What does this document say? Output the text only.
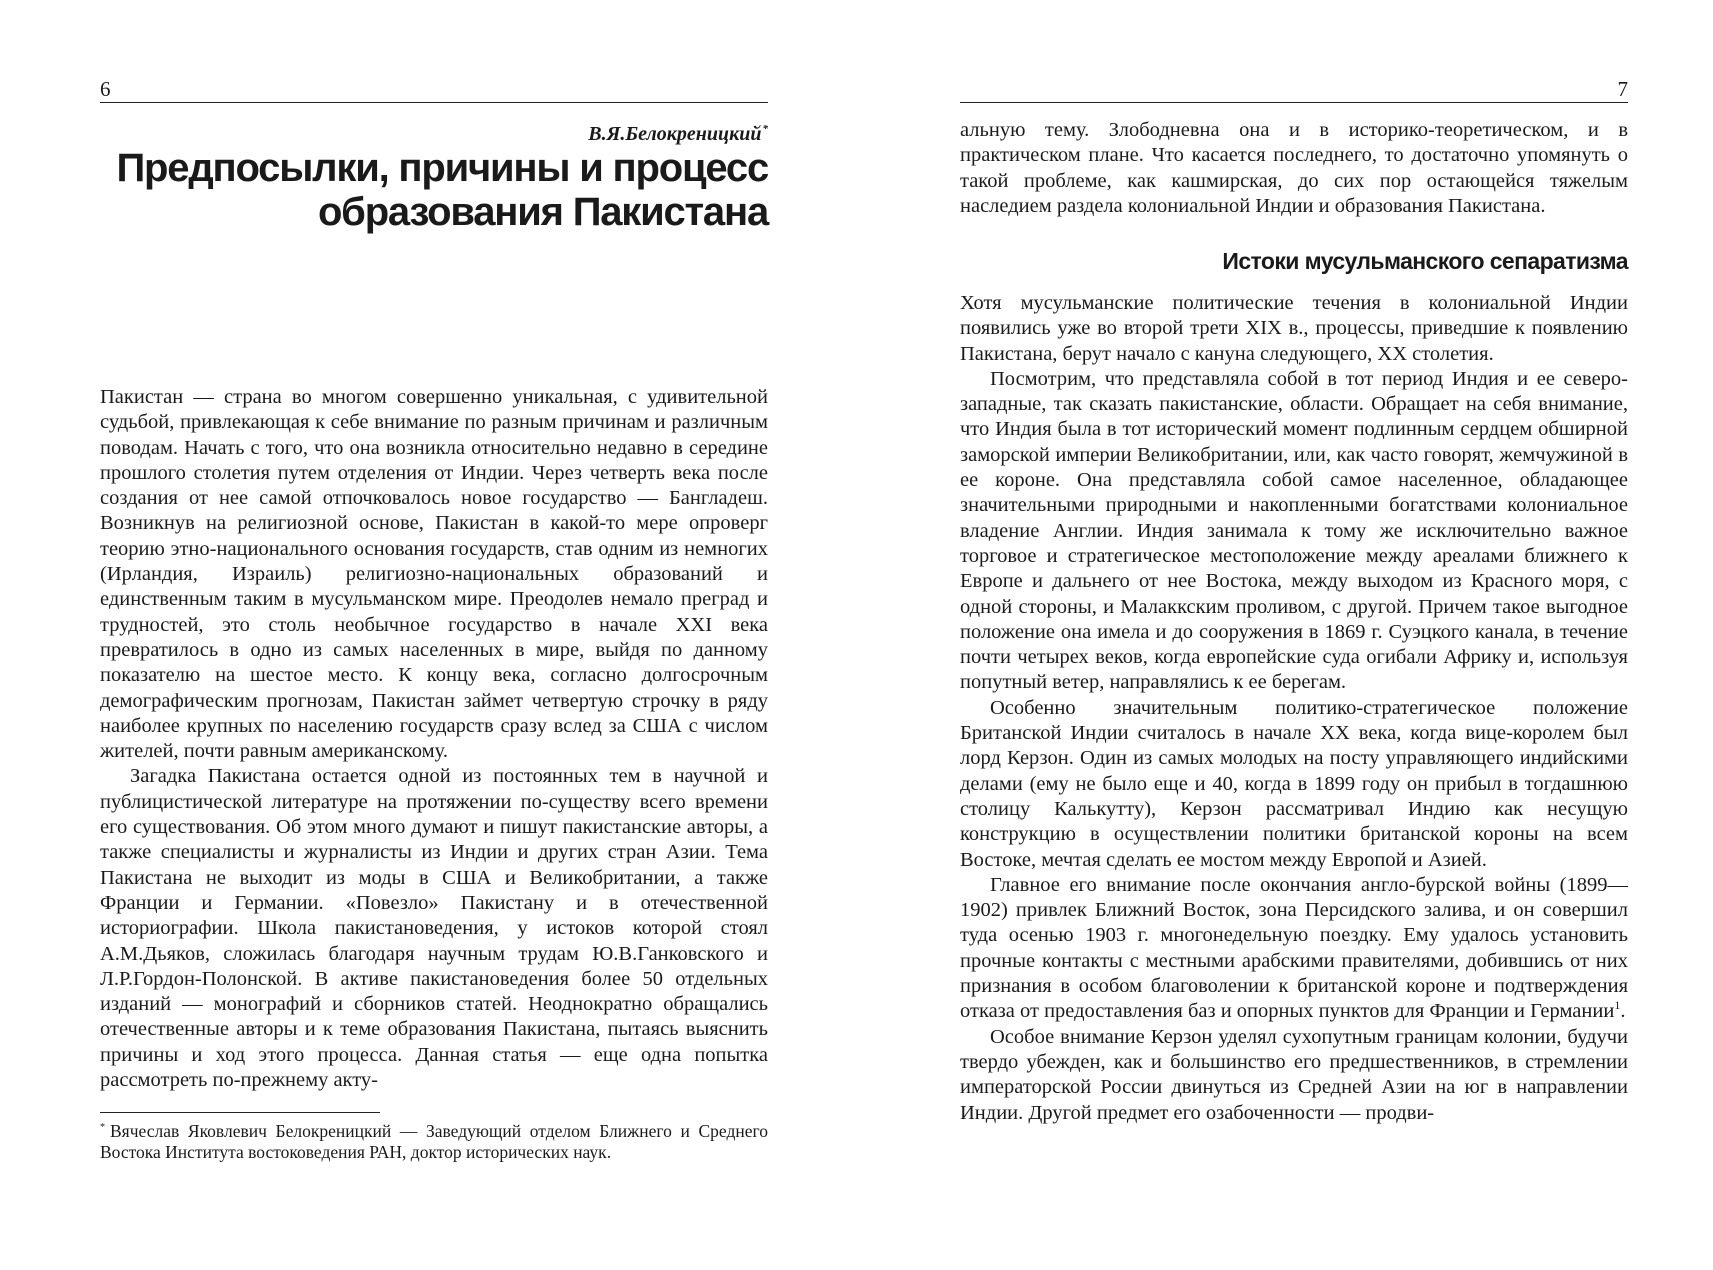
6
В.Я.Белокреницкий*
Предпосылки, причины и процесс
образования Пакистана

Пакистан — страна во многом совершенно уникальная, с удивительной судьбой, привлекающая к себе внимание по разным причинам и различным поводам. Начать с того, что она возникла относительно недавно в середине прошлого столетия путем отделения от Индии. Через четверть века после создания от нее самой отпочковалось новое государство — Бангладеш. Возникнув на религиозной основе, Пакистан в какой-то мере опроверг теорию этно-национального основания государств, став одним из немногих (Ирландия, Израиль) религиозно-национальных образований и единственным таким в мусульманском мире. Преодолев немало преград и трудностей, это столь необычное государство в начале XXI века превратилось в одно из самых населенных в мире, выйдя по данному показателю на шестое место. К концу века, согласно долгосрочным демографическим прогнозам, Пакистан займет четвертую строчку в ряду наиболее крупных по населению государств сразу вслед за США с числом жителей, почти равным американскому.

Загадка Пакистана остается одной из постоянных тем в научной и публицистической литературе на протяжении по-существу всего времени его существования. Об этом много думают и пишут пакистанские авторы, а также специалисты и журналисты из Индии и других стран Азии. Тема Пакистана не выходит из моды в США и Великобритании, а также Франции и Германии. «Повезло» Пакистану и в отечественной историографии. Школа пакистановедения, у истоков которой стоял А.М.Дьяков, сложилась благодаря научным трудам Ю.В.Ганковского и Л.Р.Гордон-Полонской. В активе пакистановедения более 50 отдельных изданий — монографий и сборников статей. Неоднократно обращались отечественные авторы и к теме образования Пакистана, пытаясь выяснить причины и ход этого процесса. Данная статья — еще одна попытка рассмотреть по-прежнему акту-

* Вячеслав Яковлевич Белокреницкий — Заведующий отделом Ближнего и Среднего Востока Института востоковедения РАН, доктор исторических наук.

7

альную тему. Злободневна она и в историко-теоретическом, и в практическом плане. Что касается последнего, то достаточно упомянуть о такой проблеме, как кашмирская, до сих пор остающейся тяжелым наследием раздела колониальной Индии и образования Пакистана.

Истоки мусульманского сепаратизма

Хотя мусульманские политические течения в колониальной Индии появились уже во второй трети XIX в., процессы, приведшие к появлению Пакистана, берут начало с кануна следующего, XX столетия.

Посмотрим, что представляла собой в тот период Индия и ее северо-западные, так сказать пакистанские, области. Обращает на себя внимание, что Индия была в тот исторический момент подлинным сердцем обширной заморской империи Великобритании, или, как часто говорят, жемчужиной в ее короне. Она представляла собой самое населенное, обладающее значительными природными и накопленными богатствами колониальное владение Англии. Индия занимала к тому же исключительно важное торговое и стратегическое местоположение между ареалами ближнего к Европе и дальнего от нее Востока, между выходом из Красного моря, с одной стороны, и Малаккским проливом, с другой. Причем такое выгодное положение она имела и до сооружения в 1869 г. Суэцкого канала, в течение почти четырех веков, когда европейские суда огибали Африку и, используя попутный ветер, направлялись к ее берегам.

Особенно значительным политико-стратегическое положение Британской Индии считалось в начале XX века, когда вице-королем был лорд Керзон. Один из самых молодых на посту управляющего индийскими делами (ему не было еще и 40, когда в 1899 году он прибыл в тогдашнюю столицу Калькутту), Керзон рассматривал Индию как несущую конструкцию в осуществлении политики британской короны на всем Востоке, мечтая сделать ее мостом между Европой и Азией.

Главное его внимание после окончания англо-бурской войны (1899—1902) привлек Ближний Восток, зона Персидского залива, и он совершил туда осенью 1903 г. многонедельную поездку. Ему удалось установить прочные контакты с местными арабскими правителями, добившись от них признания в особом благоволении к британской короне и подтверждения отказа от предоставления баз и опорных пунктов для Франции и Германии$^1$.

Особое внимание Керзон уделял сухопутным границам колонии, будучи твердо убежден, как и большинство его предшественников, в стремлении императорской России двинуться из Средней Азии на юг в направлении Индии. Другой предмет его озабоченности — продви-
